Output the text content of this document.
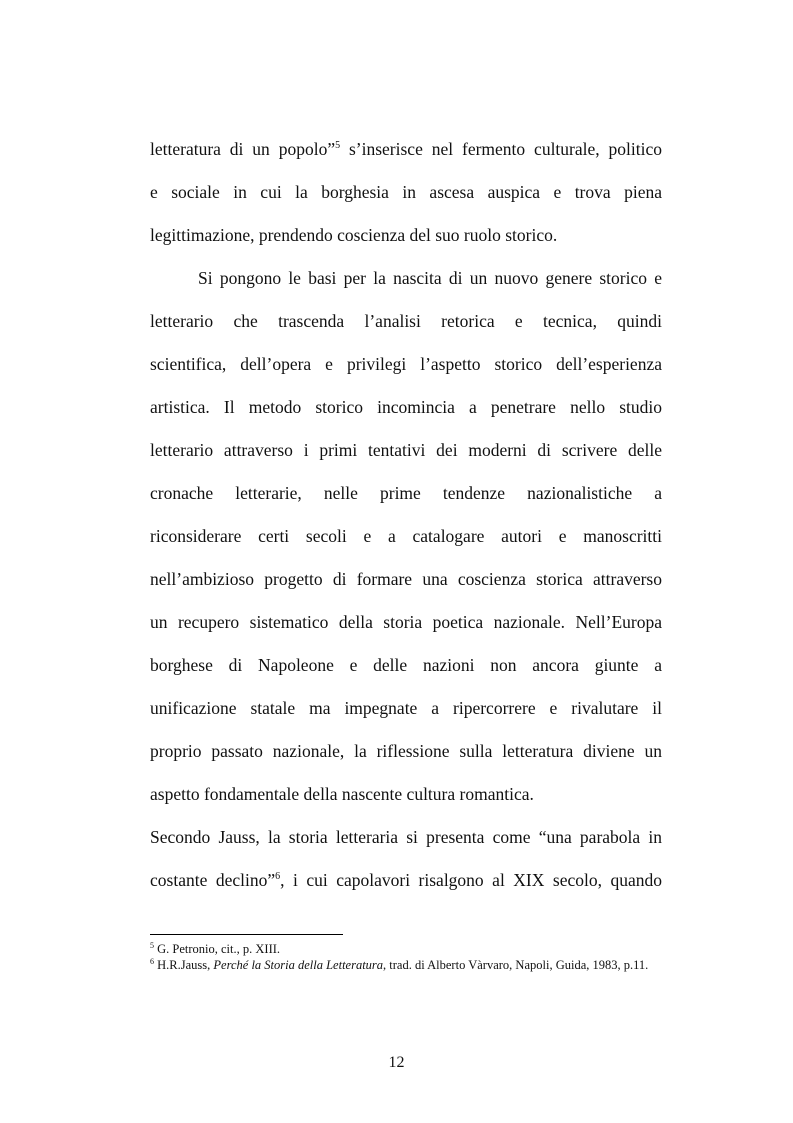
letteratura di un popolo”$^5$ s’inserisce nel fermento culturale, politico
e sociale in cui la borghesia in ascesa auspica e trova piena
legittimazione, prendendo coscienza del suo ruolo storico.

Si pongono le basi per la nascita di un nuovo genere storico e
letterario che trascenda l’analisi retorica e tecnica, quindi
scientifica, dell’opera e privilegi l’aspetto storico dell’esperienza
artistica. Il metodo storico incomincia a penetrare nello studio
letterario attraverso i primi tentativi dei moderni di scrivere delle
cronache letterarie, nelle prime tendenze nazionalistiche a
riconsiderare certi secoli e a catalogare autori e manoscritti
nell’ambizioso progetto di formare una coscienza storica attraverso
un recupero sistematico della storia poetica nazionale. Nell’Europa
borghese di Napoleone e delle nazioni non ancora giunte a
unificazione statale ma impegnate a ripercorrere e rivalutare il
proprio passato nazionale, la riflessione sulla letteratura diviene un
aspetto fondamentale della nascente cultura romantica.

Secondo Jauss, la storia letteraria si presenta come “una parabola in
costante declino”$^6$, i cui capolavori risalgono al XIX secolo, quando

$^5$ G. Petronio, cit., p. XIII.

$^6$ H.R.Jauss, Perché la Storia della Letteratura, trad. di Alberto Vàrvaro, Napoli, Guida, 1983, p.11.

12
